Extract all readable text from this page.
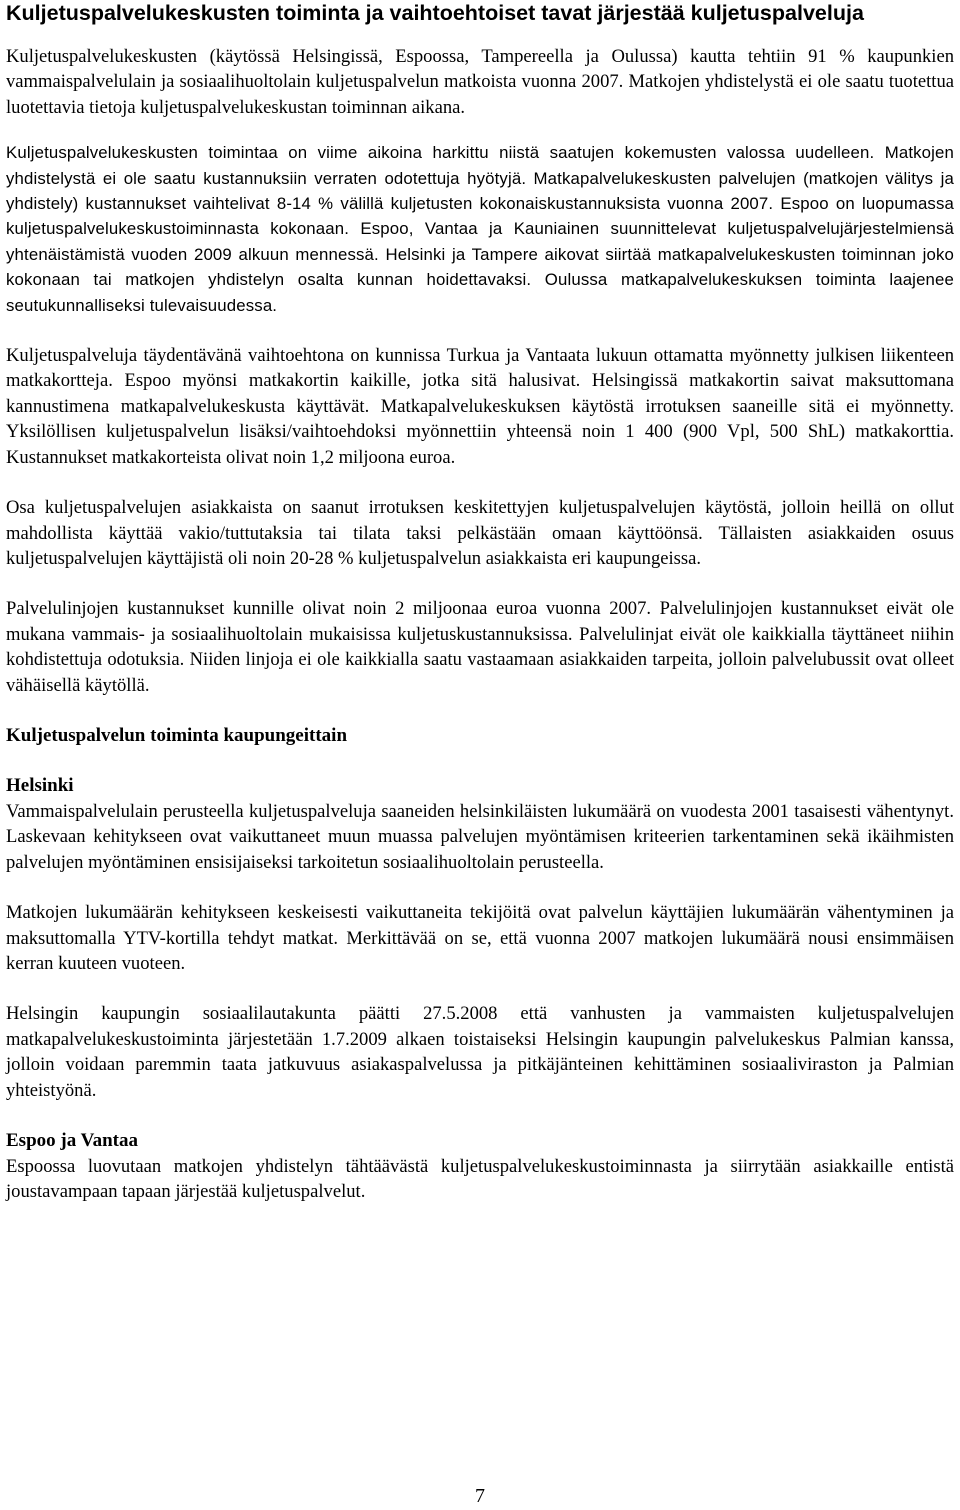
Kuljetuspalvelukeskusten toiminta ja vaihtoehtoiset tavat järjestää kuljetuspalveluja

Kuljetuspalvelukeskusten (käytössä Helsingissä, Espoossa, Tampereella ja Oulussa) kautta tehtiin 91 % kaupunkien vammaispalvelulain ja sosiaalihuoltolain kuljetuspalvelun matkoista vuonna 2007. Matkojen yhdistelystä ei ole saatu tuotettua luotettavia tietoja kuljetuspalvelukeskustan toiminnan aikana.

Kuljetuspalvelukeskusten toimintaa on viime aikoina harkittu niistä saatujen kokemusten valossa uudelleen. Matkojen yhdistelystä ei ole saatu kustannuksiin verraten odotettuja hyötyjä. Matkapalvelukeskusten palvelujen (matkojen välitys ja yhdistely) kustannukset vaihtelivat 8-14 % välillä kuljetusten kokonaiskustannuksista vuonna 2007. Espoo on luopumassa kuljetuspalvelukeskustoiminnasta kokonaan. Espoo, Vantaa ja Kauniainen suunnittelevat kuljetuspalvelujärjestelmiensä yhtenäistämistä vuoden 2009 alkuun mennessä. Helsinki ja Tampere aikovat siirtää matkapalvelukeskusten toiminnan joko kokonaan tai matkojen yhdistelyn osalta kunnan hoidettavaksi. Oulussa matkapalvelukeskuksen toiminta laajenee seutukunnalliseksi tulevaisuudessa.

Kuljetuspalveluja täydentävänä vaihtoehtona on kunnissa Turkua ja Vantaata lukuun ottamatta myönnetty julkisen liikenteen matkakortteja. Espoo myönsi matkakortin kaikille, jotka sitä halusivat. Helsingissä matkakortin saivat maksuttomana kannustimena matkapalvelukeskusta käyttävät. Matkapalvelukeskuksen käytöstä irrotuksen saaneille sitä ei myönnetty. Yksilöllisen kuljetuspalvelun lisäksi/vaihtoehdoksi myönnettiin yhteensä noin 1 400 (900 Vpl, 500 ShL) matkakorttia. Kustannukset matkakorteista olivat noin 1,2 miljoona euroa.

Osa kuljetuspalvelujen asiakkaista on saanut irrotuksen keskitettyjen kuljetuspalvelujen käytöstä, jolloin heillä on ollut mahdollista käyttää vakio/tuttutaksia tai tilata taksi pelkästään omaan käyttöönsä. Tällaisten asiakkaiden osuus kuljetuspalvelujen käyttäjistä oli noin 20-28 % kuljetuspalvelun asiakkaista eri kaupungeissa.

Palvelulinjojen kustannukset kunnille olivat noin 2 miljoonaa euroa vuonna 2007. Palvelulinjojen kustannukset eivät ole mukana vammais- ja sosiaalihuoltolain mukaisissa kuljetuskustannuksissa. Palvelulinjat eivät ole kaikkialla täyttäneet niihin kohdistettuja odotuksia. Niiden linjoja ei ole kaikkialla saatu vastaamaan asiakkaiden tarpeita, jolloin palvelubussit ovat olleet vähäisellä käytöllä.

Kuljetuspalvelun toiminta kaupungeittain
Helsinki

Vammaispalvelulain perusteella kuljetuspalveluja saaneiden helsinkiläisten lukumäärä on vuodesta 2001 tasaisesti vähentynyt. Laskevaan kehitykseen ovat vaikuttaneet muun muassa palvelujen myöntämisen kriteerien tarkentaminen sekä ikäihmisten palvelujen myöntäminen ensisijaiseksi tarkoitetun sosiaalihuoltolain perusteella.

Matkojen lukumäärän kehitykseen keskeisesti vaikuttaneita tekijöitä ovat palvelun käyttäjien lukumäärän vähentyminen ja maksuttomalla YTV-kortilla tehdyt matkat. Merkittävää on se, että vuonna 2007 matkojen lukumäärä nousi ensimmäisen kerran kuuteen vuoteen.

Helsingin kaupungin sosiaalilautakunta päätti 27.5.2008 että vanhusten ja vammaisten kuljetuspalvelujen matkapalvelukeskustoiminta järjestetään 1.7.2009 alkaen toistaiseksi Helsingin kaupungin palvelukeskus Palmian kanssa, jolloin voidaan paremmin taata jatkuvuus asiakaspalvelussa ja pitkäjänteinen kehittäminen sosiaaliviraston ja Palmian yhteistyönä.

Espoo ja Vantaa

Espoossa luovutaan matkojen yhdistelyn tähtäävästä kuljetuspalvelukeskustoiminnasta ja siirrytään asiakkaille entistä joustavampaan tapaan järjestää kuljetuspalvelut.

7
